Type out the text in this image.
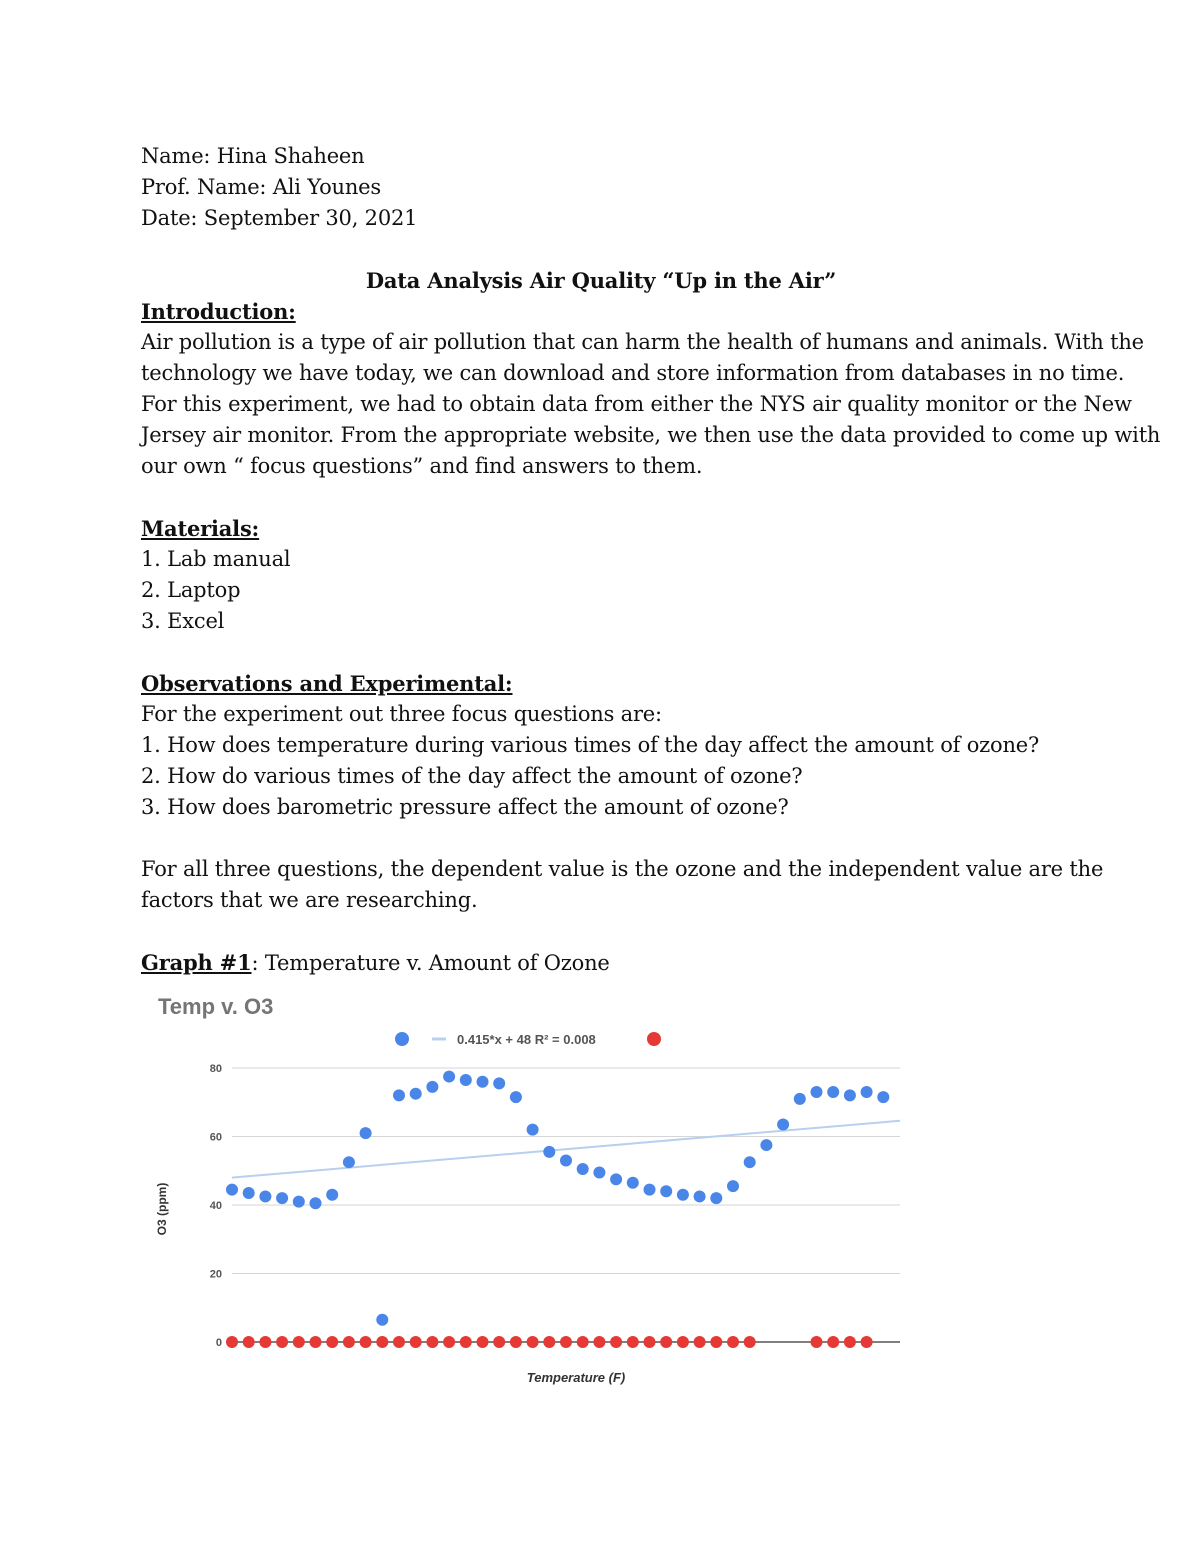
Name: Hina Shaheen
Prof. Name: Ali Younes
Date: September 30, 2021
Data Analysis Air Quality “Up in the Air”
Introduction:
Air pollution is a type of air pollution that can harm the health of humans and animals. With the
technology we have today, we can download and store information from databases in no time.
For this experiment, we had to obtain data from either the NYS air quality monitor or the New
Jersey air monitor. From the appropriate website, we then use the data provided to come up with
our own “ focus questions” and find answers to them.
Materials:
1. Lab manual
2. Laptop
3. Excel
Observations and Experimental:
For the experiment out three focus questions are:
1. How does temperature during various times of the day affect the amount of ozone?
2. How do various times of the day affect the amount of ozone?
3. How does barometric pressure affect the amount of ozone?
For all three questions, the dependent value is the ozone and the independent value are the
factors that we are researching.
Graph #1: Temperature v. Amount of Ozone
Temp v. O3
0.415*x + 48 R² = 0.008
0
20
40
60
80
O3 (ppm)
Temperature (F)
